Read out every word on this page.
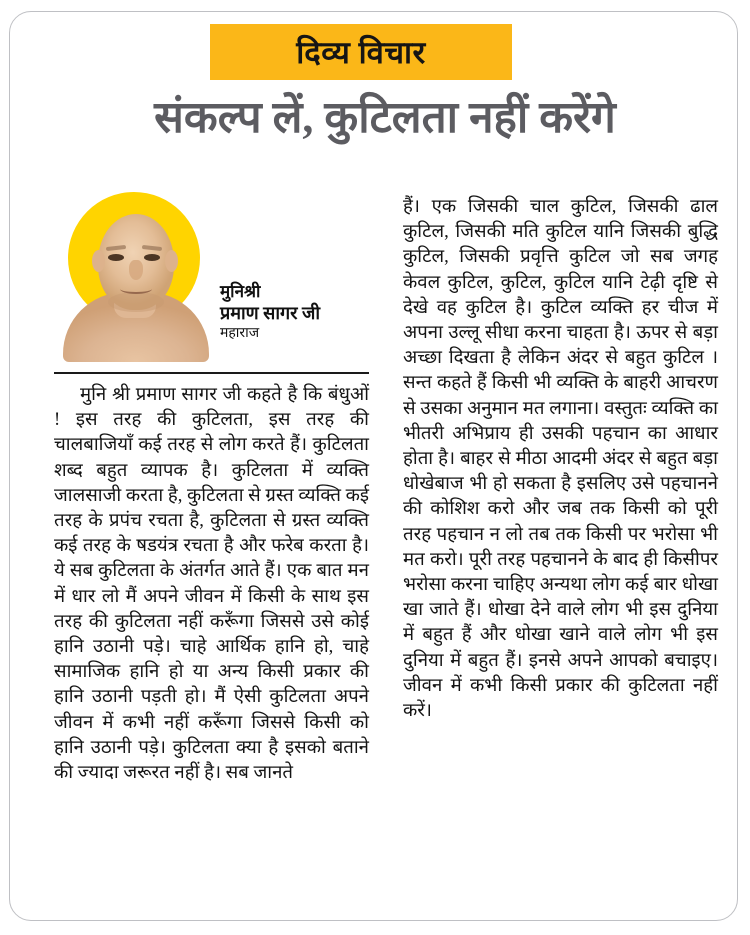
दिव्य विचार
संकल्प लें, कुटिलता नहीं करेंगे
मुनिश्री
प्रमाण सागर जी
महाराज

मुनि श्री प्रमाण सागर जी कहते है कि बंधुओं ! इस तरह की कुटिलता, इस तरह की चालबाजियाँ कई तरह से लोग करते हैं। कुटिलता शब्द बहुत व्यापक है। कुटिलता में व्यक्ति जालसाजी करता है, कुटिलता से ग्रस्त व्यक्ति कई तरह के प्रपंच रचता है, कुटिलता से ग्रस्त व्यक्ति कई तरह के षडयंत्र रचता है और फरेब करता है। ये सब कुटिलता के अंतर्गत आते हैं। एक बात मन में धार लो मैं अपने जीवन में किसी के साथ इस तरह की कुटिलता नहीं करूँगा जिससे उसे कोई हानि उठानी पड़े। चाहे आर्थिक हानि हो, चाहे सामाजिक हानि हो या अन्य किसी प्रकार की हानि उठानी पड़ती हो। मैं ऐसी कुटिलता अपने जीवन में कभी नहीं करूँगा जिससे किसी को हानि उठानी पड़े। कुटिलता क्या है इसको बताने की ज्यादा जरूरत नहीं है। सब जानते

हैं। एक जिसकी चाल कुटिल, जिसकी ढाल कुटिल, जिसकी मति कुटिल यानि जिसकी बुद्धि कुटिल, जिसकी प्रवृत्ति कुटिल जो सब जगह केवल कुटिल, कुटिल, कुटिल यानि टेढ़ी दृष्टि से देखे वह कुटिल है। कुटिल व्यक्ति हर चीज में अपना उल्लू सीधा करना चाहता है। ऊपर से बड़ा अच्छा दिखता है लेकिन अंदर से बहुत कुटिल । सन्त कहते हैं किसी भी व्यक्ति के बाहरी आचरण से उसका अनुमान मत लगाना। वस्तुतः व्यक्ति का भीतरी अभिप्राय ही उसकी पहचान का आधार होता है। बाहर से मीठा आदमी अंदर से बहुत बड़ा धोखेबाज भी हो सकता है इसलिए उसे पहचानने की कोशिश करो और जब तक किसी को पूरी तरह पहचान न लो तब तक किसी पर भरोसा भी मत करो। पूरी तरह पहचानने के बाद ही किसीपर भरोसा करना चाहिए अन्यथा लोग कई बार धोखा खा जाते हैं। धोखा देने वाले लोग भी इस दुनिया में बहुत हैं और धोखा खाने वाले लोग भी इस दुनिया में बहुत हैं। इनसे अपने आपको बचाइए। जीवन में कभी किसी प्रकार की कुटिलता नहीं करें।
